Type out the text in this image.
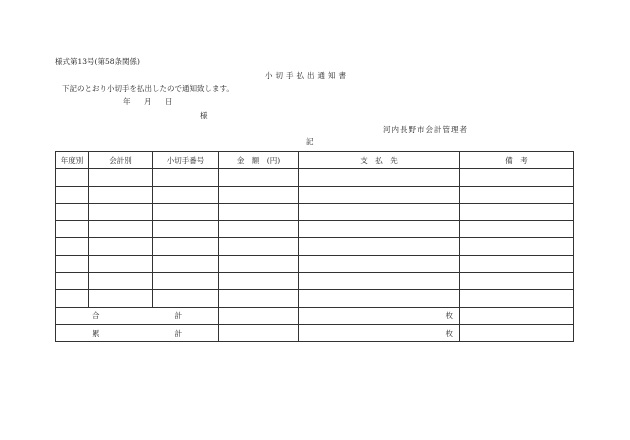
様式第13号(第58条関係)
小切手払出通知書
下記のとおり小切手を払出したので通知致します。
年　月　日
様
河内長野市会計管理者
記
年度別	会計別	小切手番号	金　額　(円)	支　払　先	備　考

合 計				枚	

累 計				枚	
